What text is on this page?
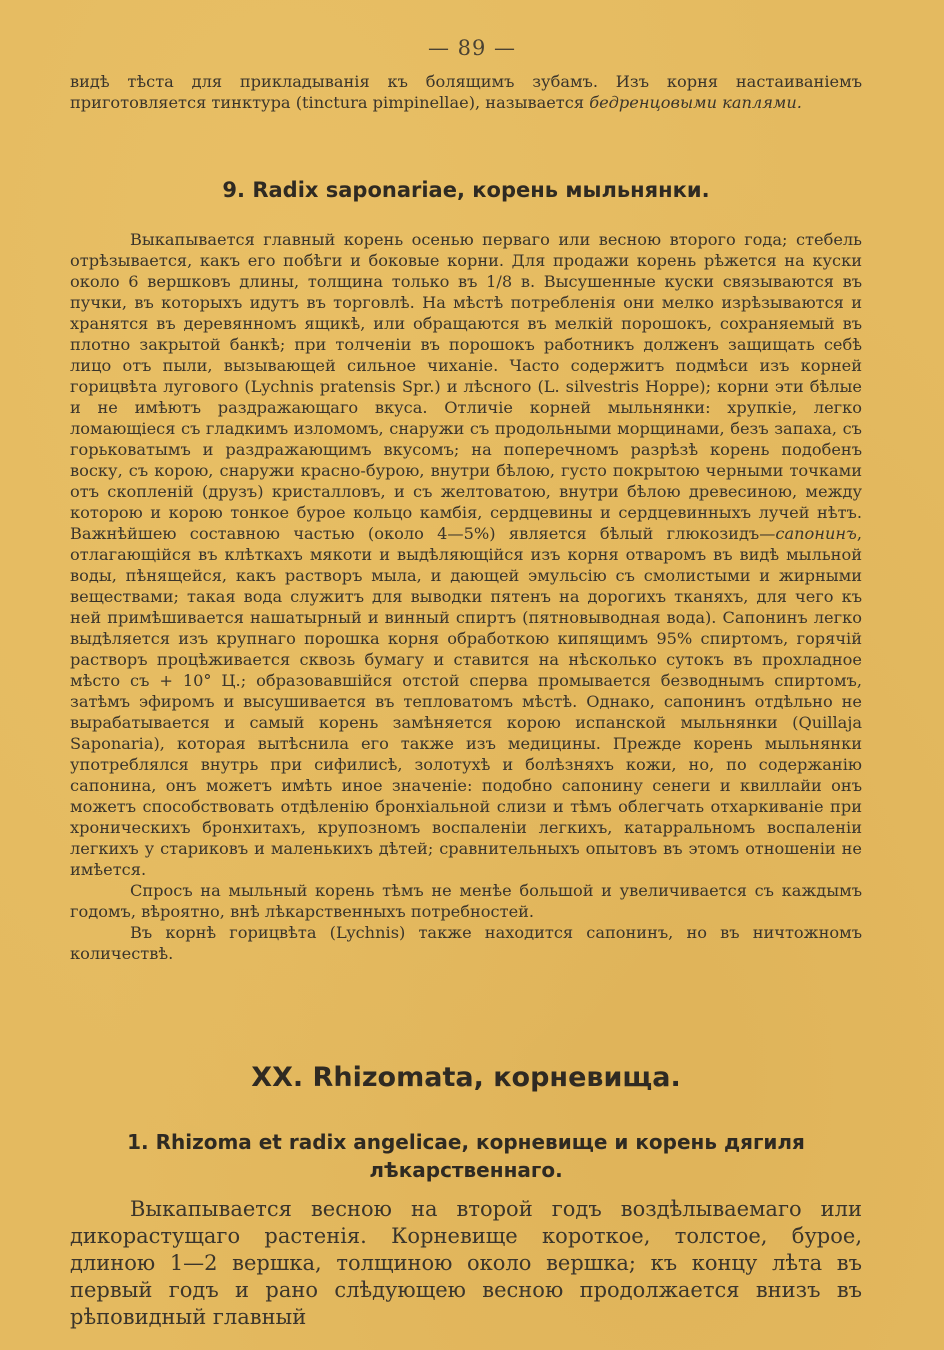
— 89 —

видѣ тѣста для прикладыванія къ болящимъ зубамъ. Изъ корня настаиваніемъ приготовляется тинктура (tinctura pimpinellae), называется бедренцовыми каплями.

9. Radix saponariae, корень мыльнянки.

Выкапывается главный корень осенью перваго или весною второго года; стебель отрѣзывается, какъ его побѣги и боковые корни. Для продажи корень рѣжется на куски около 6 вершковъ длины, толщина только въ 1/8 в. Высушенные куски связываются въ пучки, въ которыхъ идутъ въ торговлѣ. На мѣстѣ потребленія они мелко изрѣзываются и хранятся въ деревянномъ ящикѣ, или обращаются въ мелкій порошокъ, сохраняемый въ плотно закрытой банкѣ; при толченіи въ порошокъ работникъ долженъ защищать себѣ лицо отъ пыли, вызывающей сильное чиханіе. Часто содержитъ подмѣси изъ корней горицвѣта лугового (Lychnis pratensis Spr.) и лѣсного (L. silvestris Hoppe); корни эти бѣлые и не имѣютъ раздражающаго вкуса. Отличіе корней мыльнянки: хрупкіе, легко ломающіеся съ гладкимъ изломомъ, снаружи съ продольными морщинами, безъ запаха, съ горьковатымъ и раздражающимъ вкусомъ; на поперечномъ разрѣзѣ корень подобенъ воску, съ корою, снаружи красно-бурою, внутри бѣлою, густо покрытою черными точками отъ скопленій (друзъ) кристалловъ, и съ желтоватою, внутри бѣлою древесиною, между которою и корою тонкое бурое кольцо камбія, сердцевины и сердцевинныхъ лучей нѣтъ. Важнѣйшею составною частью (около 4—5%) является бѣлый глюкозидъ—сапонинъ, отлагающійся въ клѣткахъ мякоти и выдѣляющійся изъ корня отваромъ въ видѣ мыльной воды, пѣнящейся, какъ растворъ мыла, и дающей эмульсію съ смолистыми и жирными веществами; такая вода служитъ для выводки пятенъ на дорогихъ тканяхъ, для чего къ ней примѣшивается нашатырный и винный спиртъ (пятновыводная вода). Сапонинъ легко выдѣляется изъ крупнаго порошка корня обработкою кипящимъ 95% спиртомъ, горячій растворъ процѣживается сквозь бумагу и ставится на нѣсколько сутокъ въ прохладное мѣсто съ + 10° Ц.; образовавшійся отстой сперва промывается безводнымъ спиртомъ, затѣмъ эфиромъ и высушивается въ тепловатомъ мѣстѣ. Однако, сапонинъ отдѣльно не вырабатывается и самый корень замѣняется корою испанской мыльнянки (Quillaja Saponaria), которая вытѣснила его также изъ медицины. Прежде корень мыльнянки употреблялся внутрь при сифилисѣ, золотухѣ и болѣзняхъ кожи, но, по содержанію сапонина, онъ можетъ имѣть иное значеніе: подобно сапонину сенеги и квиллайи онъ можетъ способствовать отдѣленію бронхіальной слизи и тѣмъ облегчать отхаркиваніе при хроническихъ бронхитахъ, крупозномъ воспаленіи легкихъ, катарральномъ воспаленіи легкихъ у стариковъ и маленькихъ дѣтей; сравнительныхъ опытовъ въ этомъ отношеніи не имѣется.

Спросъ на мыльный корень тѣмъ не менѣе большой и увеличивается съ каждымъ годомъ, вѣроятно, внѣ лѣкарственныхъ потребностей.

Въ корнѣ горицвѣта (Lychnis) также находится сапонинъ, но въ ничтожномъ количествѣ.

XX. Rhizomata, корневища.
1. Rhizoma et radix angelicae, корневище и корень дягиля
лѣкарственнаго.

Выкапывается весною на второй годъ воздѣлываемаго или дикорастущаго растенія. Корневище короткое, толстое, бурое, длиною 1—2 вершка, толщиною около вершка; къ концу лѣта въ первый годъ и рано слѣдующею весною продолжается внизъ въ рѣповидный главный
